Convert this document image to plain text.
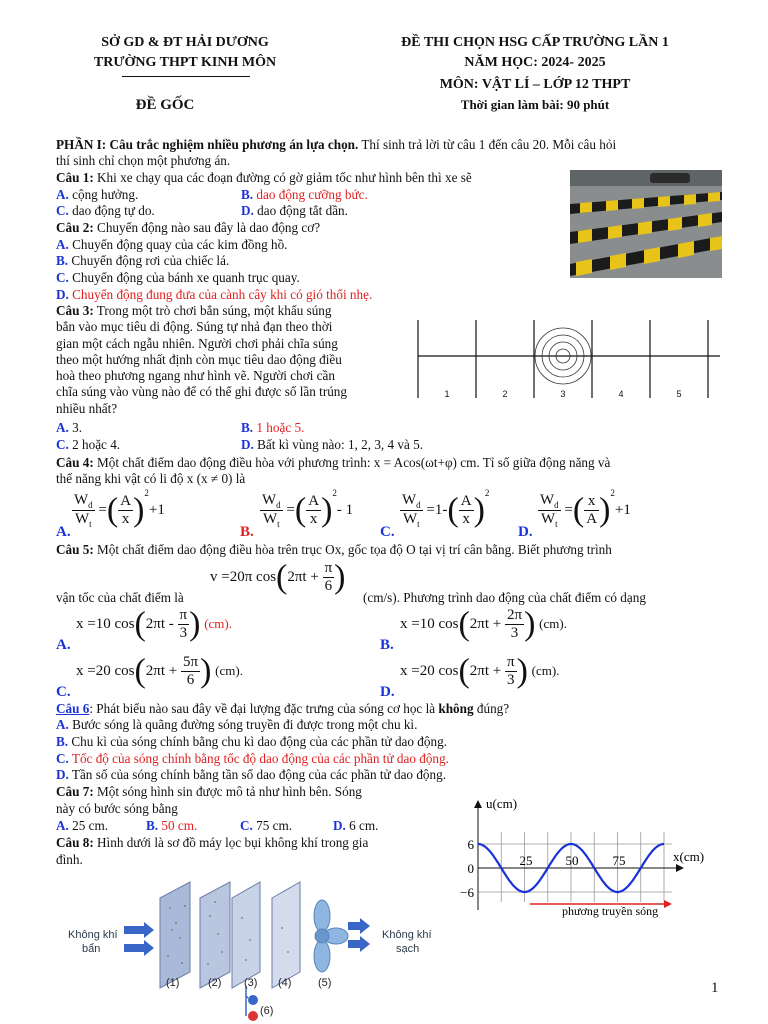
SỞ GD & ĐT HẢI DƯƠNG
TRƯỜNG THPT KINH MÔN
ĐỀ GỐC
ĐỀ THI CHỌN HSG CẤP TRƯỜNG LẦN 1
NĂM HỌC: 2024- 2025
MÔN: VẬT LÍ – LỚP 12 THPT
Thời gian làm bài: 90 phút
PHẦN I: Câu trắc nghiệm nhiều phương án lựa chọn. Thí sinh trả lời từ câu 1 đến câu 20. Mỗi câu hỏi
thí sinh chỉ chọn một phương án.
Câu 1: Khi xe chạy qua các đoạn đường có gờ giảm tốc như hình bên thì xe sẽ
A. cộng hưởng.	B. dao động cưỡng bức.
C. dao động tự do.	D. dao động tắt dần.
Câu 2: Chuyển động nào sau đây là dao động cơ?
A. Chuyển động quay của các kim đồng hồ.
B. Chuyển động rơi của chiếc lá.
C. Chuyển động của bánh xe quanh trục quay.
D. Chuyển động đung đưa của cành cây khi có gió thổi nhẹ.
Câu 3: Trong một trò chơi bắn súng, một khẩu súng
bắn vào mục tiêu di động. Súng tự nhả đạn theo thời
gian một cách ngẫu nhiên. Người chơi phải chĩa súng
theo một hướng nhất định còn mục tiêu dao động điều
hoà theo phương ngang như hình vẽ. Người chơi cần
chĩa súng vào vùng nào để có thể ghi được số lần trúng
nhiều nhất?
1	2	3	4	5
A. 3.	B. 1 hoặc 5.
C. 2 hoặc 4.	D. Bất kì vùng nào: 1, 2, 3, 4 và 5.
Câu 4: Một chất điểm dao động điều hòa với phương trình: x = Acos(ωt+φ) cm. Tỉ số giữa động năng và
thế năng khi vật có li độ x (x ≠ 0) là
A.
$\frac{W_d}{W_t}$ =( $\frac{A}{x} )^2+1$
B.
$\frac{W_d}{W_t}$ =( $\frac{A}{x} )^2-$ 1
C.
$\frac{W_d}{W_t} =1-( \frac{A}{x} )^2$
D.
$\frac{W_d}{W_t}$ =( $\frac{x}{A} )^2+1$
Câu 5: Một chất điểm dao động điều hòa trên trục Ox, gốc tọa độ O tại vị trí cân bằng. Biết phương trình
v =20π $\cos(2\pi t + \frac{\pi}{6}$ )
vận tốc của chất điểm là	(cm/s). Phương trình dao động của chất điểm có dạng
A.
x =10 $\cos(2\pi t - \frac{\pi}{3}$ ) (cm).
B.
x =10 $\cos(2\pi t + \frac{2\pi}{3}$ ) (cm).
C.
x =20 $\cos(2\pi t + \frac{5\pi}{6}$ ) (cm).
D.
x =20 $\cos(2\pi t + \frac{\pi}{3}$ ) (cm).
Câu 6: Phát biểu nào sau đây về đại lượng đặc trưng của sóng cơ học là không đúng?
A. Bước sóng là quãng đường sóng truyền đi được trong một chu kì.
B. Chu kì của sóng chính bằng chu kì dao động của các phần tử dao động.
C. Tốc độ của sóng chính bằng tốc độ dao động của các phần tử dao động.
D. Tần số của sóng chính bằng tần số dao động của các phần tử dao động.
Câu 7: Một sóng hình sin được mô tả như hình bên. Sóng
này có bước sóng bằng
A. 25 cm.	B. 50 cm.	C. 75 cm.	D. 6 cm.
Câu 8: Hình dưới là sơ đồ máy lọc bụi không khí trong gia
đình.
u(cm)
x(cm)
6
0
−6
25	50	75
phương truyền sóng
Không khí
bẩn
Không khí
sạch
(1)	(2) (3) (4) (5)
(6)
1
